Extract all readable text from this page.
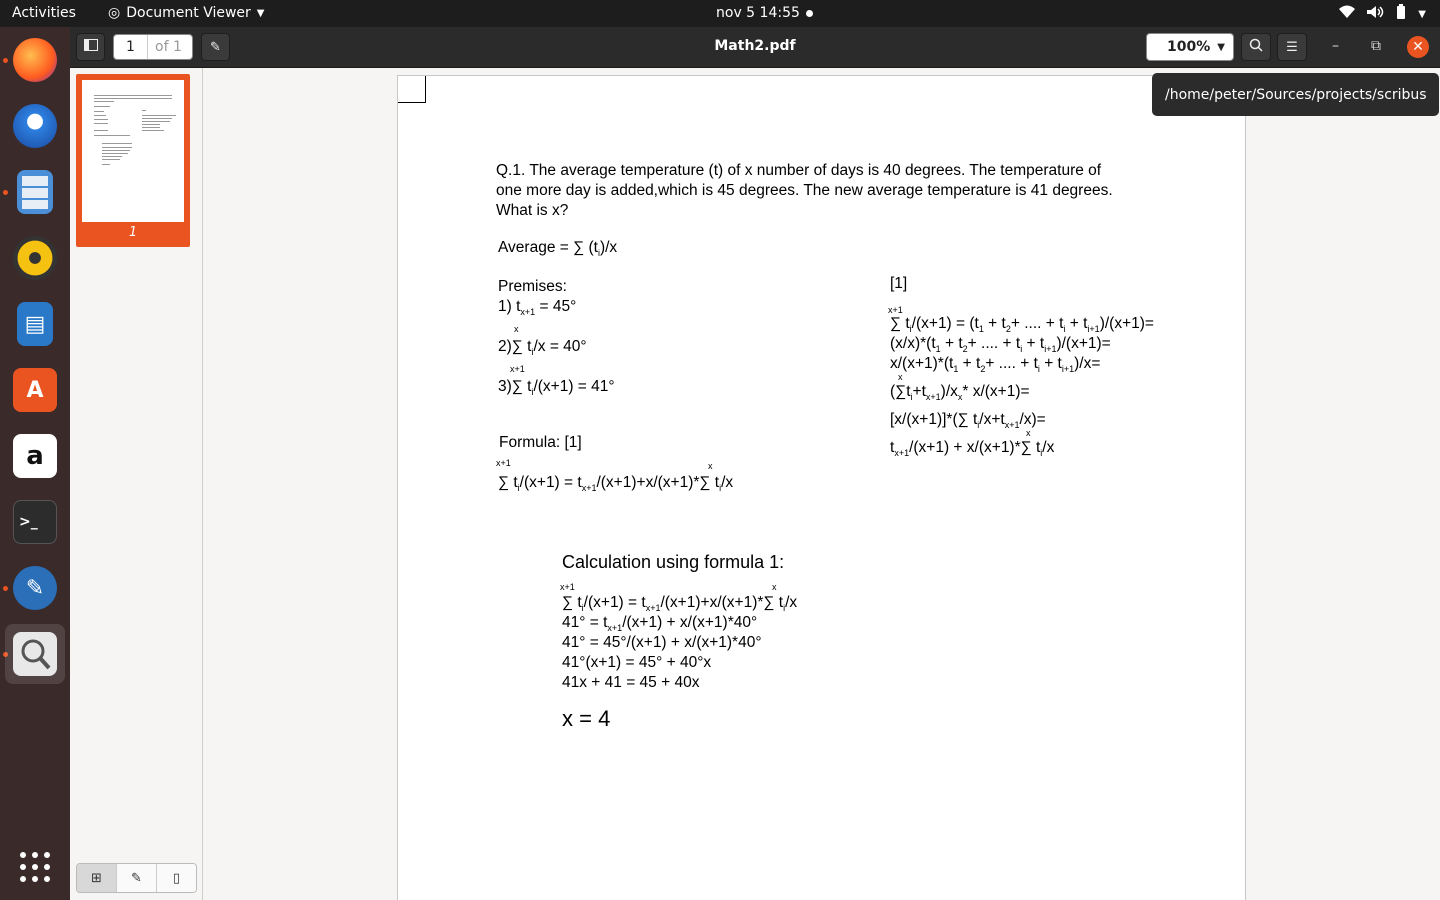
Activities ◎ Document Viewer ▼	nov 5 14:55	▼
▤
A
a
>_
✎
1	of 1 ✎	Math2.pdf	100% ▼	☰ – ⧉ ✕
1
⊞ ✎ ▯
Q.1. The average temperature (t) of x number of days is 40 degrees. The temperature of
one more day is added,which is 45 degrees. The new average temperature is 41 degrees.
What is x?
Average = ∑ $(t_i)/x$
Premises:
1) $t_{x+1} = 45^\circ$
x
2)∑ $t_i/x = 40^\circ$
x+1
3)∑ $t_i/(x+1) = 41^\circ$
Formula: [1]
x+1	x
∑ $t_i/(x+1) = t_{x+1}/(x+1)+x/(x+1)*\sum$ $t_i/x$
[1]
x+1
∑ $t_i/(x+1) = (t_1 + t_2+$ .... + $t_i + t_{i+1})/(x+1)=$
$(x/x)*(t_1 + t_2+$ .... + $t_i + t_{i+1})/(x+1)=$
$x/(x+1)*(t_1 + t_2+$ .... + $t_i + t_{i+1})/x=$
x
$(\sum t_i+t_{x+1})/x_x*$ x/(x+1)=
[x/(x+1)]*(∑ $t_i/x+t_{x+1}/x)=$
x
$t_{x+1}/(x+1) + x/(x+1)*\sum$ $t_i/x$
Calculation using formula 1:
x+1	x
∑ $t_i/(x+1) = t_{x+1}/(x+1)+x/(x+1)*\sum$ $t_i/x$
$41^\circ = t_{x+1}/(x+1) + x/(x+1)*40^\circ$
41° = 45°/(x+1) + x/(x+1)*40°
41°(x+1) = 45° + 40°x
41x + 41 = 45 + 40x
x = 4
/home/peter/Sources/projects/scribus
